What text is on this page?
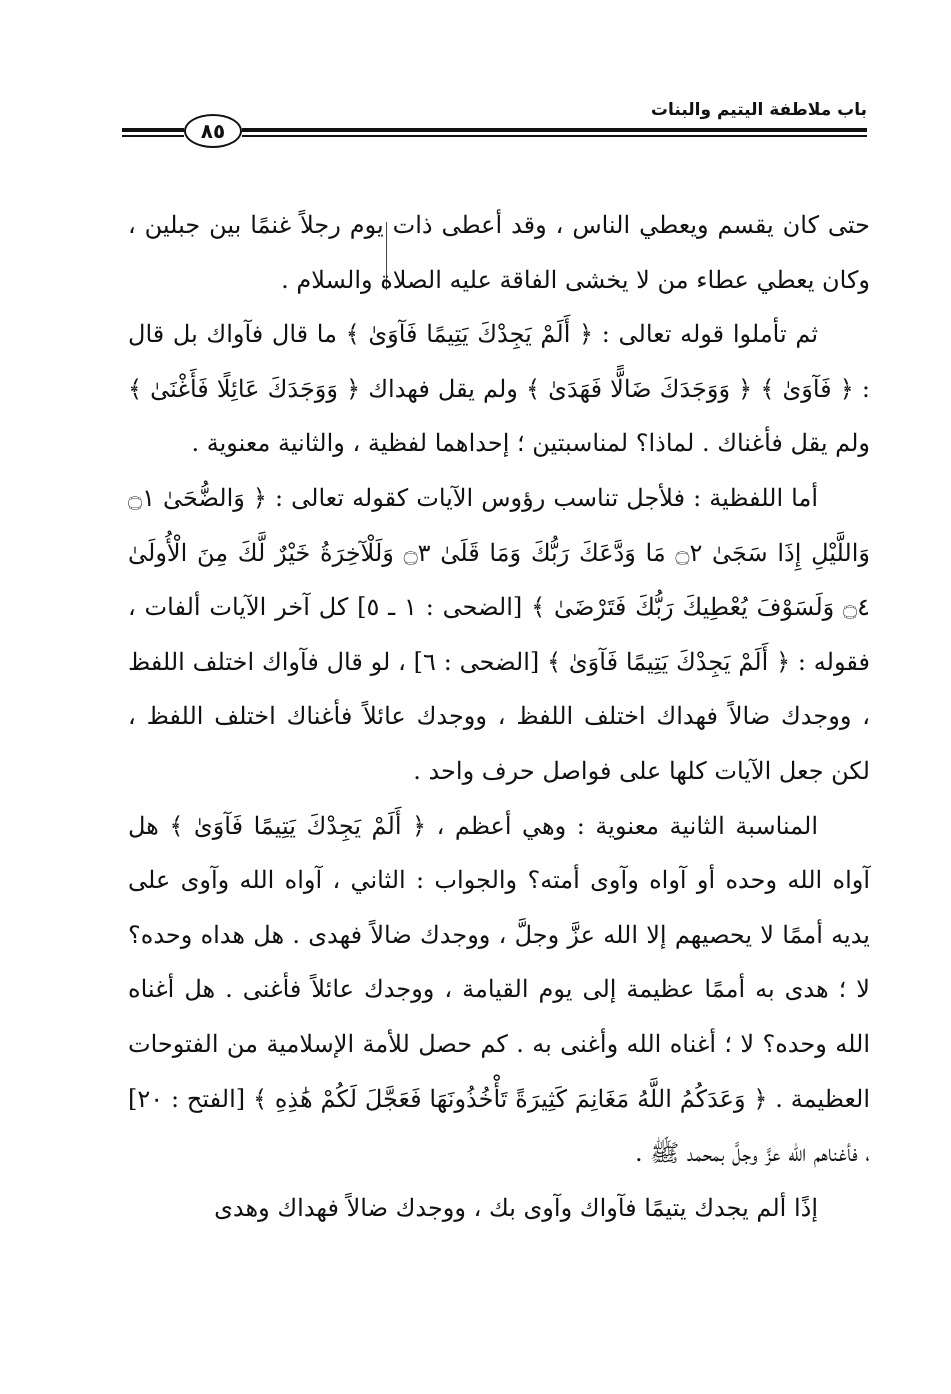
باب ملاطفة اليتيم والبنات
٨٥

حتى كان يقسم ويعطي الناس ، وقد أعطى ذات يوم رجلاً غنمًا بين جبلين ، وكان يعطي عطاء من لا يخشى الفاقة عليه الصلاة والسلام .

ثم تأملوا قوله تعالى : ﴿ أَلَمْ يَجِدْكَ يَتِيمًا فَآوَىٰ ﴾ ما قال فآواك بل قال : ﴿ فَآوَىٰ ﴾ ﴿ وَوَجَدَكَ ضَالًّا فَهَدَىٰ ﴾ ولم يقل فهداك ﴿ وَوَجَدَكَ عَائِلًا فَأَغْنَىٰ ﴾ ولم يقل فأغناك . لماذا؟ لمناسبتين ؛ إحداهما لفظية ، والثانية معنوية .

أما اللفظية : فلأجل تناسب رؤوس الآيات كقوله تعالى : ﴿ وَالضُّحَىٰ ۝١ وَاللَّيْلِ إِذَا سَجَىٰ ۝٢ مَا وَدَّعَكَ رَبُّكَ وَمَا قَلَىٰ ۝٣ وَلَلْآخِرَةُ خَيْرٌ لَّكَ مِنَ الْأُولَىٰ ۝٤ وَلَسَوْفَ يُعْطِيكَ رَبُّكَ فَتَرْضَىٰ ﴾ [الضحى : ١ ـ ٥] كل آخر الآيات ألفات ، فقوله : ﴿ أَلَمْ يَجِدْكَ يَتِيمًا فَآوَىٰ ﴾ [الضحى : ٦] ، لو قال فآواك اختلف اللفظ ، ووجدك ضالاً فهداك اختلف اللفظ ، ووجدك عائلاً فأغناك اختلف اللفظ ، لكن جعل الآيات كلها على فواصل حرف واحد .

المناسبة الثانية معنوية : وهي أعظم ، ﴿ أَلَمْ يَجِدْكَ يَتِيمًا فَآوَىٰ ﴾ هل آواه الله وحده أو آواه وآوى أمته؟ والجواب : الثاني ، آواه الله وآوى على يديه أممًا لا يحصيهم إلا الله عزَّ وجلَّ ، ووجدك ضالاً فهدى . هل هداه وحده؟ لا ؛ هدى به أممًا عظيمة إلى يوم القيامة ، ووجدك عائلاً فأغنى . هل أغناه الله وحده؟ لا ؛ أغناه الله وأغنى به . كم حصل للأمة الإسلامية من الفتوحات العظيمة . ﴿ وَعَدَكُمُ اللَّهُ مَغَانِمَ كَثِيرَةً تَأْخُذُونَهَا فَعَجَّلَ لَكُمْ هَٰذِهِ ﴾ [الفتح : ٢٠] ، فأغناهم الله عزَّ وجلَّ بمحمد ﷺ .

إذًا ألم يجدك يتيمًا فآواك وآوى بك ، ووجدك ضالاً فهداك وهدى
